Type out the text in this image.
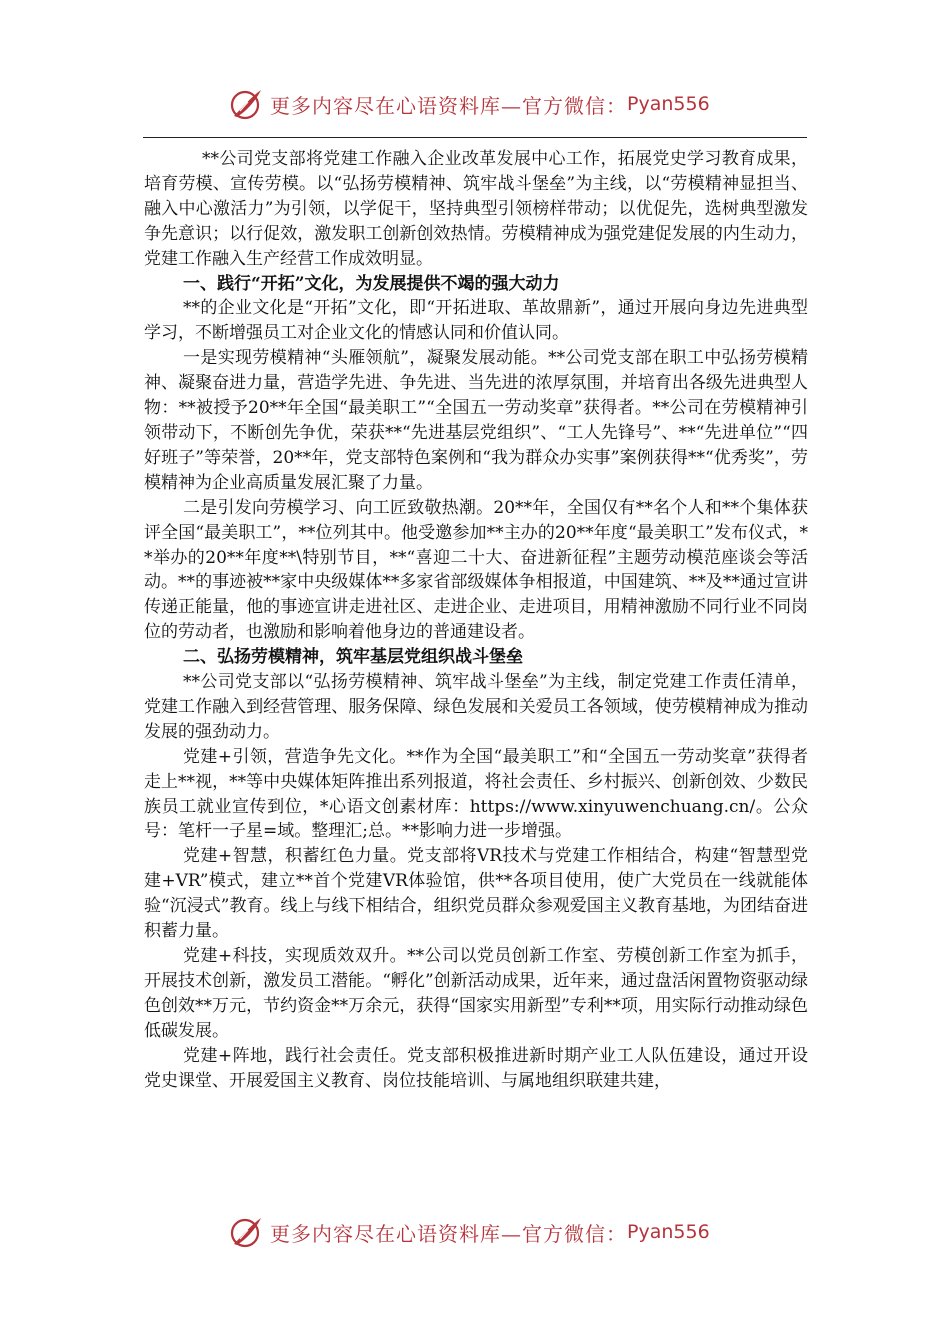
更多内容尽在心语资料库—官方微信： Pyan556

**公司党支部将党建工作融入企业改革发展中心工作，拓展党史学习教育成果，培育劳模、宣传劳模。以“弘扬劳模精神、筑牢战斗堡垒”为主线，以“劳模精神显担当、融入中心激活力”为引领，以学促干，坚持典型引领榜样带动；以优促先，选树典型激发争先意识；以行促效，激发职工创新创效热情。劳模精神成为强党建促发展的内生动力，党建工作融入生产经营工作成效明显。

一、践行“开拓”文化，为发展提供不竭的强大动力

**的企业文化是“开拓”文化，即“开拓进取、革故鼎新”，通过开展向身边先进典型学习，不断增强员工对企业文化的情感认同和价值认同。

一是实现劳模精神“头雁领航”，凝聚发展动能。**公司党支部在职工中弘扬劳模精神、凝聚奋进力量，营造学先进、争先进、当先进的浓厚氛围，并培育出各级先进典型人物：**被授予20**年全国“最美职工”“全国五一劳动奖章”获得者。**公司在劳模精神引领带动下，不断创先争优，荣获**“先进基层党组织”、“工人先锋号”、**“先进单位”“四好班子”等荣誉，20**年，党支部特色案例和“我为群众办实事”案例获得**“优秀奖”，劳模精神为企业高质量发展汇聚了力量。

二是引发向劳模学习、向工匠致敬热潮。20**年，全国仅有**名个人和**个集体获评全国“最美职工”，**位列其中。他受邀参加**主办的20**年度“最美职工”发布仪式，**举办的20**年度**\特别节目，**“喜迎二十大、奋进新征程”主题劳动模范座谈会等活动。**的事迹被**家中央级媒体**多家省部级媒体争相报道，中国建筑、**及**通过宣讲传递正能量，他的事迹宣讲走进社区、走进企业、走进项目，用精神激励不同行业不同岗位的劳动者，也激励和影响着他身边的普通建设者。

二、弘扬劳模精神，筑牢基层党组织战斗堡垒

**公司党支部以“弘扬劳模精神、筑牢战斗堡垒”为主线，制定党建工作责任清单，党建工作融入到经营管理、服务保障、绿色发展和关爱员工各领域，使劳模精神成为推动发展的强劲动力。

党建+引领，营造争先文化。**作为全国“最美职工”和“全国五一劳动奖章”获得者走上**视，**等中央媒体矩阵推出系列报道，将社会责任、乡村振兴、创新创效、少数民族员工就业宣传到位，*心语文创素材库：https://www.xinyuwenchuang.cn/。公众号：笔杆一子星=域。整理汇;总。**影响力进一步增强。

党建+智慧，积蓄红色力量。党支部将VR技术与党建工作相结合，构建“智慧型党建+VR”模式，建立**首个党建VR体验馆，供**各项目使用，使广大党员在一线就能体验“沉浸式”教育。线上与线下相结合，组织党员群众参观爱国主义教育基地，为团结奋进积蓄力量。

党建+科技，实现质效双升。**公司以党员创新工作室、劳模创新工作室为抓手，开展技术创新，激发员工潜能。“孵化”创新活动成果，近年来，通过盘活闲置物资驱动绿色创效**万元，节约资金**万余元，获得“国家实用新型”专利**项，用实际行动推动绿色低碳发展。

党建+阵地，践行社会责任。党支部积极推进新时期产业工人队伍建设，通过开设党史课堂、开展爱国主义教育、岗位技能培训、与属地组织联建共建，

更多内容尽在心语资料库—官方微信： Pyan556
